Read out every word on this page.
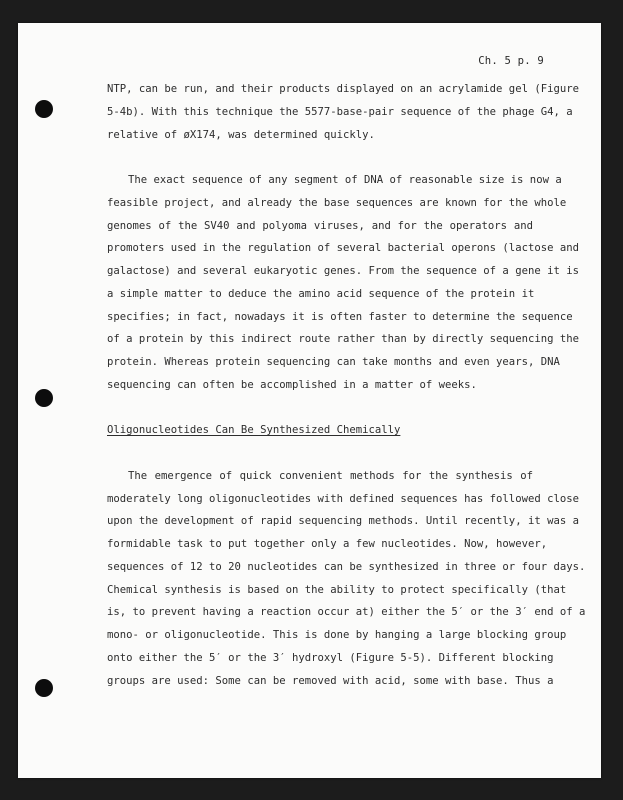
Ch. 5 p. 9
NTP, can be run, and their products displayed on an acrylamide gel (Figure
5-4b). With this technique the 5577-base-pair sequence of the phage G4, a
relative of øX174, was determined quickly.
The exact sequence of any segment of DNA of reasonable size is now a
feasible project, and already the base sequences are known for the whole
genomes of the SV40 and polyoma viruses, and for the operators and
promoters used in the regulation of several bacterial operons (lactose and
galactose) and several eukaryotic genes. From the sequence of a gene it is
a simple matter to deduce the amino acid sequence of the protein it
specifies; in fact, nowadays it is often faster to determine the sequence
of a protein by this indirect route rather than by directly sequencing the
protein. Whereas protein sequencing can take months and even years, DNA
sequencing can often be accomplished in a matter of weeks.
Oligonucleotides Can Be Synthesized Chemically
The emergence of quick convenient methods for the synthesis of
moderately long oligonucleotides with defined sequences has followed close
upon the development of rapid sequencing methods. Until recently, it was a
formidable task to put together only a few nucleotides. Now, however,
sequences of 12 to 20 nucleotides can be synthesized in three or four days.
Chemical synthesis is based on the ability to protect specifically (that
is, to prevent having a reaction occur at) either the 5′ or the 3′ end of a
mono- or oligonucleotide. This is done by hanging a large blocking group
onto either the 5′ or the 3′ hydroxyl (Figure 5-5). Different blocking
groups are used: Some can be removed with acid, some with base. Thus a
